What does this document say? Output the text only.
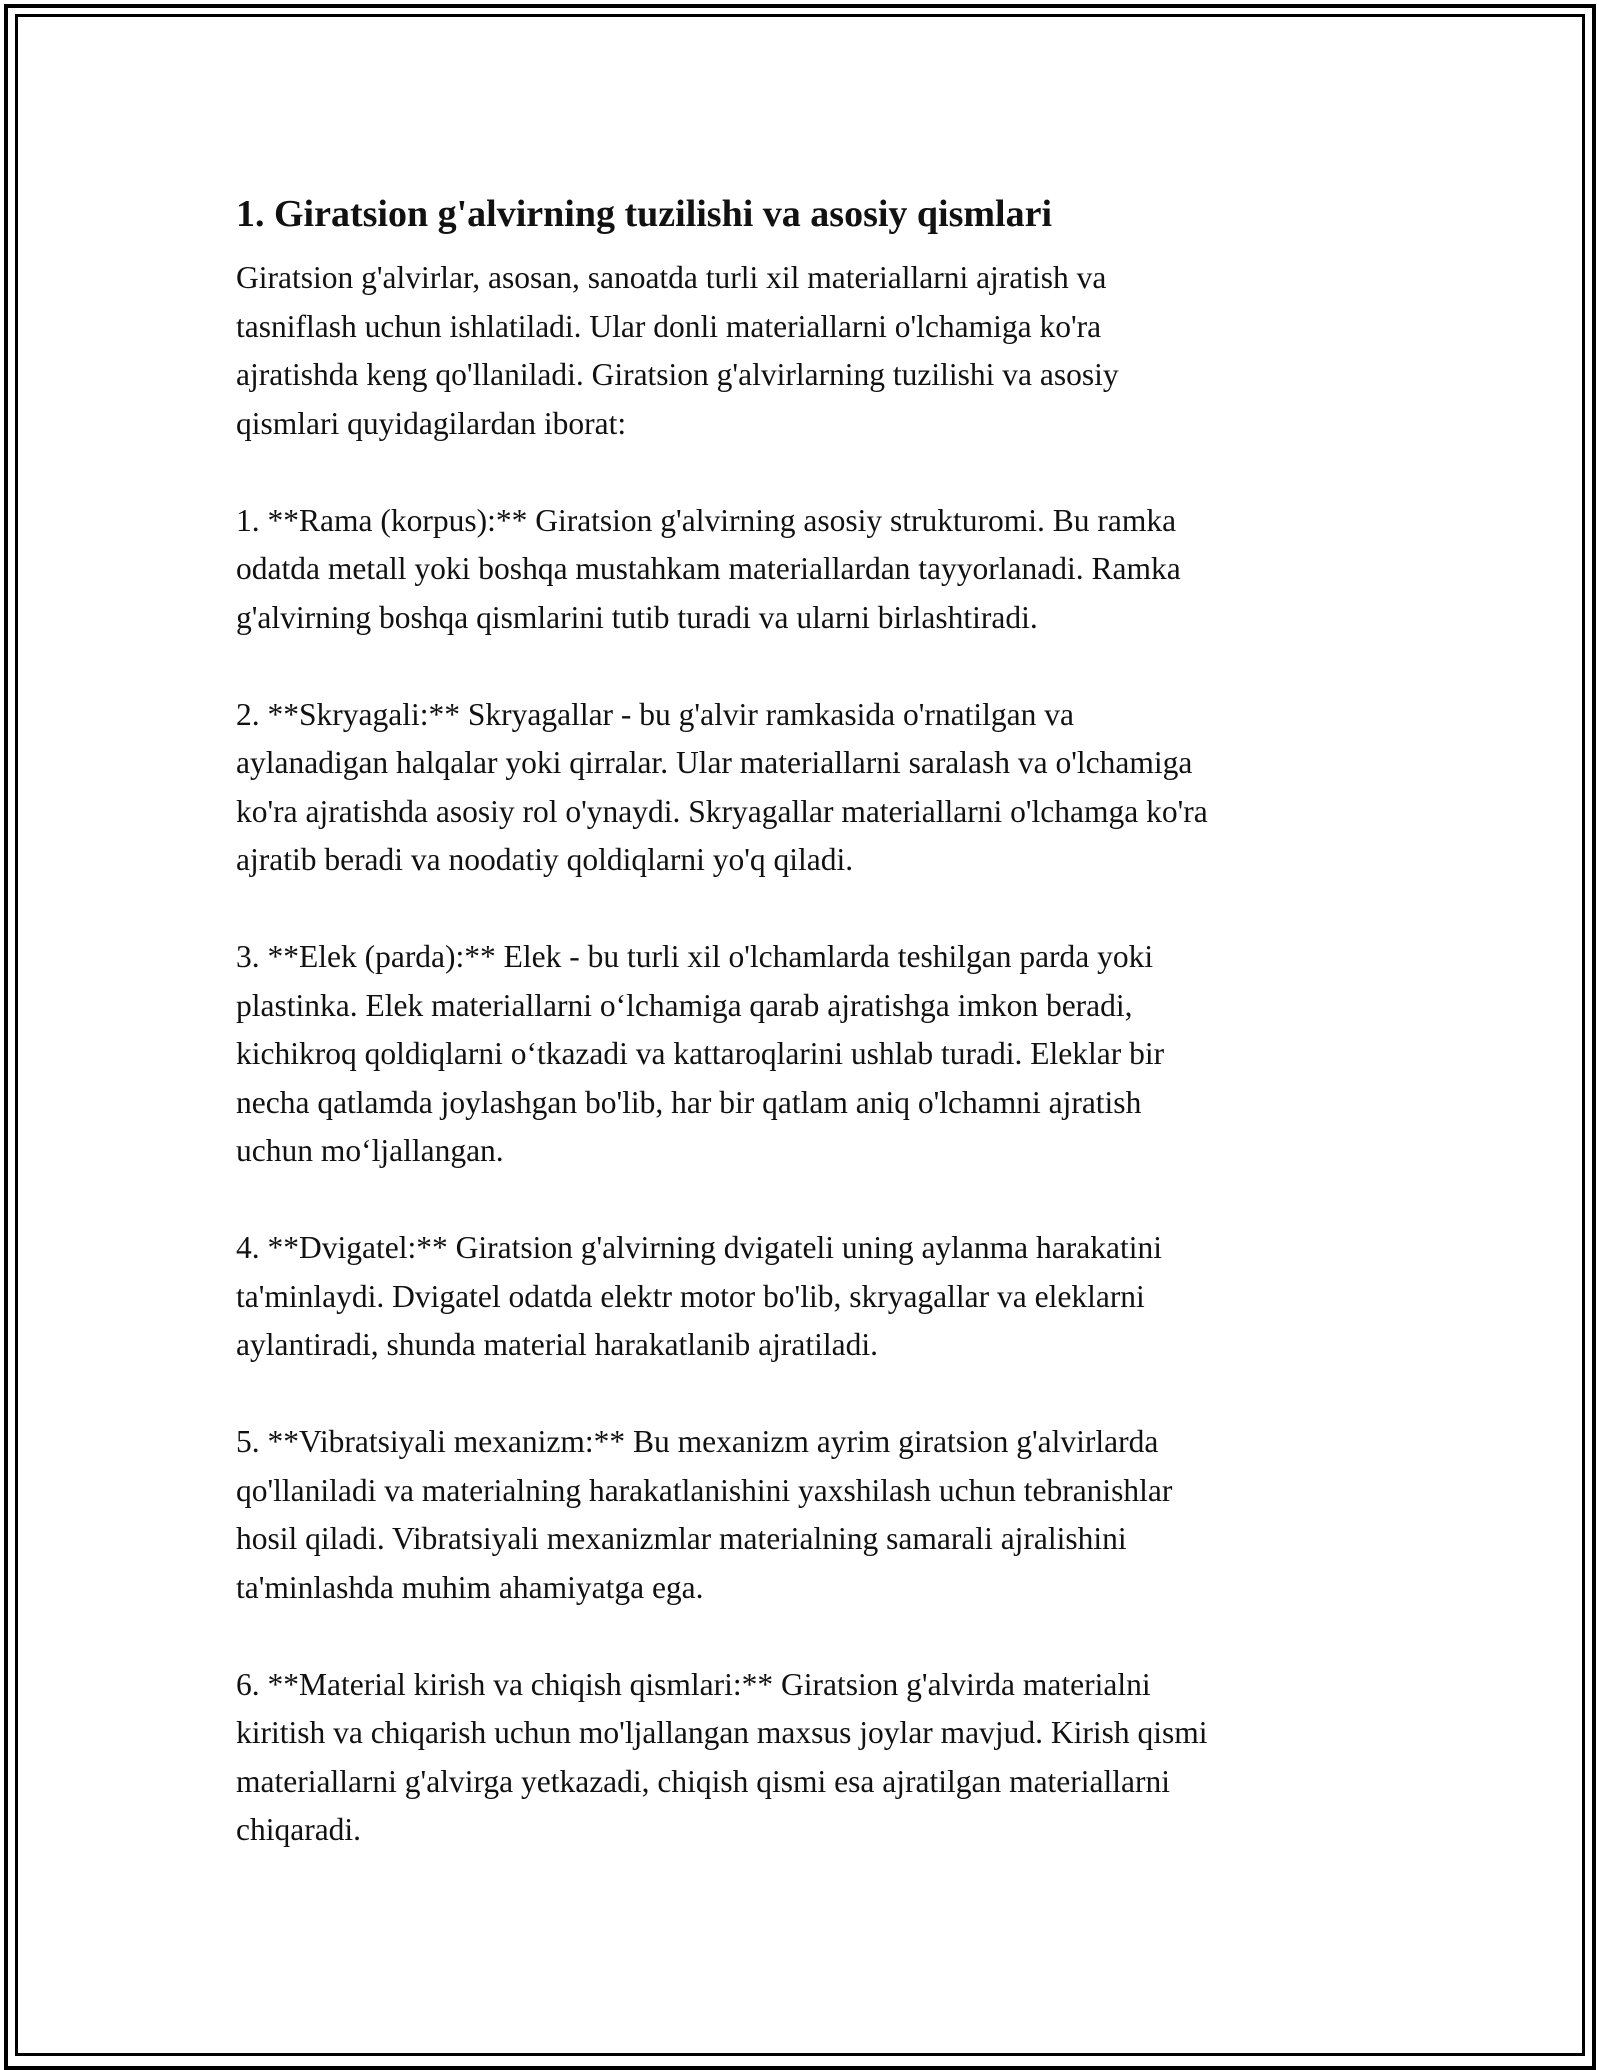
1. Giratsion g'alvirning tuzilishi va asosiy qismlari

Giratsion g'alvirlar, asosan, sanoatda turli xil materiallarni ajratish va
tasniflash uchun ishlatiladi. Ular donli materiallarni o'lchamiga ko'ra
ajratishda keng qo'llaniladi. Giratsion g'alvirlarning tuzilishi va asosiy
qismlari quyidagilardan iborat:

1. **Rama (korpus):** Giratsion g'alvirning asosiy strukturomi. Bu ramka
odatda metall yoki boshqa mustahkam materiallardan tayyorlanadi. Ramka
g'alvirning boshqa qismlarini tutib turadi va ularni birlashtiradi.

2. **Skryagali:** Skryagallar - bu g'alvir ramkasida o'rnatilgan va
aylanadigan halqalar yoki qirralar. Ular materiallarni saralash va o'lchamiga
ko'ra ajratishda asosiy rol o'ynaydi. Skryagallar materiallarni o'lchamga ko'ra
ajratib beradi va noodatiy qoldiqlarni yo'q qiladi.

3. **Elek (parda):** Elek - bu turli xil o'lchamlarda teshilgan parda yoki
plastinka. Elek materiallarni o‘lchamiga qarab ajratishga imkon beradi,
kichikroq qoldiqlarni o‘tkazadi va kattaroqlarini ushlab turadi. Eleklar bir
necha qatlamda joylashgan bo'lib, har bir qatlam aniq o'lchamni ajratish
uchun mo‘ljallangan.

4. **Dvigatel:** Giratsion g'alvirning dvigateli uning aylanma harakatini
ta'minlaydi. Dvigatel odatda elektr motor bo'lib, skryagallar va eleklarni
aylantiradi, shunda material harakatlanib ajratiladi.

5. **Vibratsiyali mexanizm:** Bu mexanizm ayrim giratsion g'alvirlarda
qo'llaniladi va materialning harakatlanishini yaxshilash uchun tebranishlar
hosil qiladi. Vibratsiyali mexanizmlar materialning samarali ajralishini
ta'minlashda muhim ahamiyatga ega.

6. **Material kirish va chiqish qismlari:** Giratsion g'alvirda materialni
kiritish va chiqarish uchun mo'ljallangan maxsus joylar mavjud. Kirish qismi
materiallarni g'alvirga yetkazadi, chiqish qismi esa ajratilgan materiallarni
chiqaradi.
